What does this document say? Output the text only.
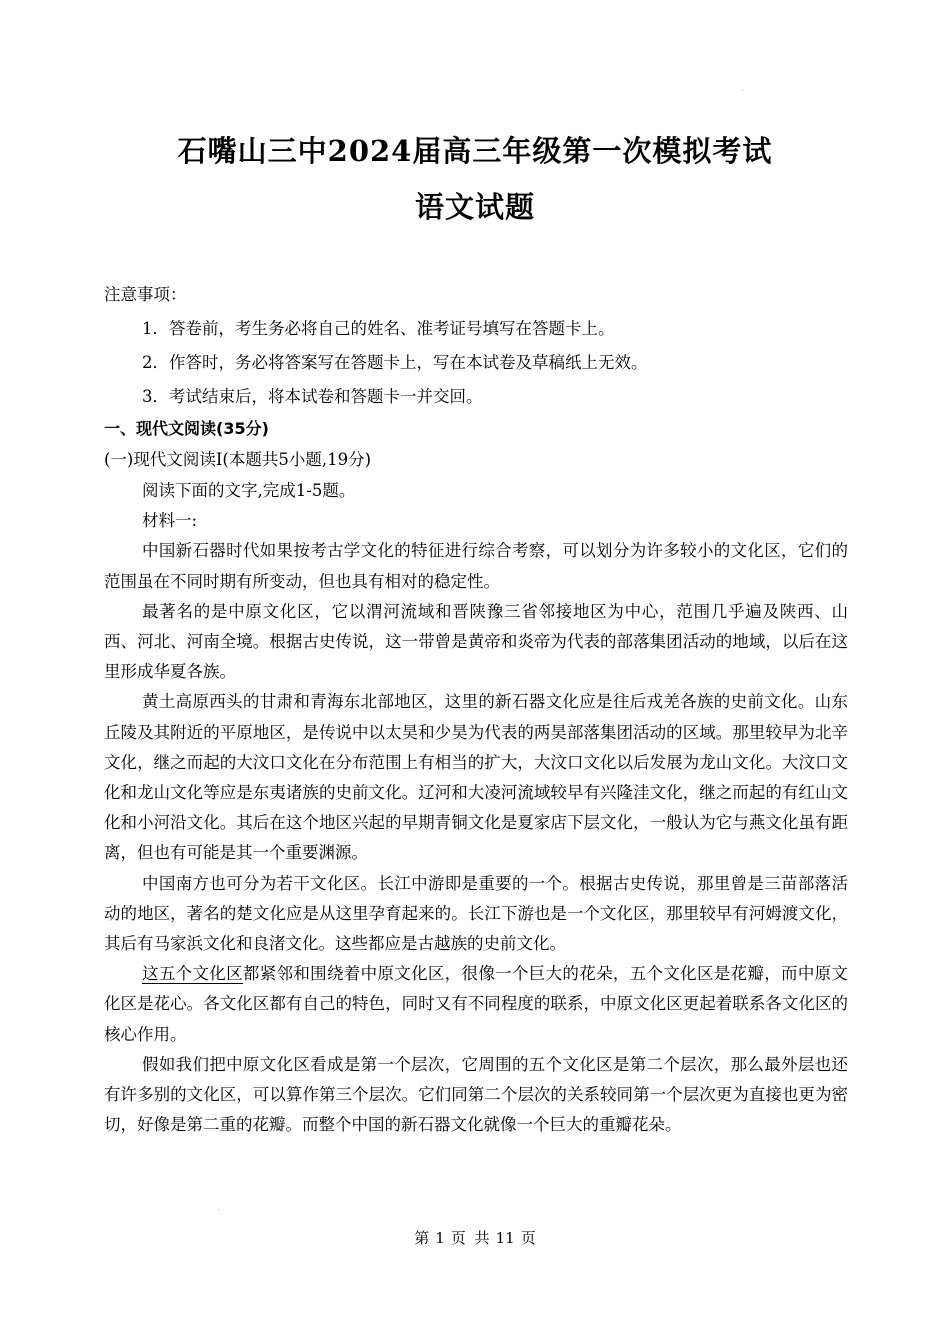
·
石嘴山三中2024届高三年级第一次模拟考试
语文试题

注意事项：

1．答卷前，考生务必将自己的姓名、准考证号填写在答题卡上。

2．作答时，务必将答案写在答题卡上，写在本试卷及草稿纸上无效。

3．考试结束后，将本试卷和答题卡一并交回。

一、现代文阅读(35分)

(一)现代文阅读Ⅰ(本题共5小题,19分)

阅读下面的文字,完成1-5题。

材料一:

中国新石器时代如果按考古学文化的特征进行综合考察，可以划分为许多较小的文化区，它们的范围虽在不同时期有所变动，但也具有相对的稳定性。

最著名的是中原文化区，它以渭河流域和晋陕豫三省邻接地区为中心，范围几乎遍及陕西、山西、河北、河南全境。根据古史传说，这一带曾是黄帝和炎帝为代表的部落集团活动的地域，以后在这里形成华夏各族。

黄土高原西头的甘肃和青海东北部地区，这里的新石器文化应是往后戎羌各族的史前文化。山东丘陵及其附近的平原地区，是传说中以太昊和少昊为代表的两昊部落集团活动的区域。那里较早为北辛文化，继之而起的大汶口文化在分布范围上有相当的扩大，大汶口文化以后发展为龙山文化。大汶口文化和龙山文化等应是东夷诸族的史前文化。辽河和大凌河流域较早有兴隆洼文化，继之而起的有红山文化和小河沿文化。其后在这个地区兴起的早期青铜文化是夏家店下层文化，一般认为它与燕文化虽有距离，但也有可能是其一个重要渊源。

中国南方也可分为若干文化区。长江中游即是重要的一个。根据古史传说，那里曾是三苗部落活动的地区，著名的楚文化应是从这里孕育起来的。长江下游也是一个文化区，那里较早有河姆渡文化，其后有马家浜文化和良渚文化。这些都应是古越族的史前文化。

这五个文化区都紧邻和围绕着中原文化区，很像一个巨大的花朵，五个文化区是花瓣，而中原文化区是花心。各文化区都有自己的特色，同时又有不同程度的联系，中原文化区更起着联系各文化区的核心作用。

假如我们把中原文化区看成是第一个层次，它周围的五个文化区是第二个层次，那么最外层也还有许多别的文化区，可以算作第三个层次。它们同第二个层次的关系较同第一个层次更为直接也更为密切，好像是第二重的花瓣。而整个中国的新石器文化就像一个巨大的重瓣花朵。

·
第 1 页 共 11 页
